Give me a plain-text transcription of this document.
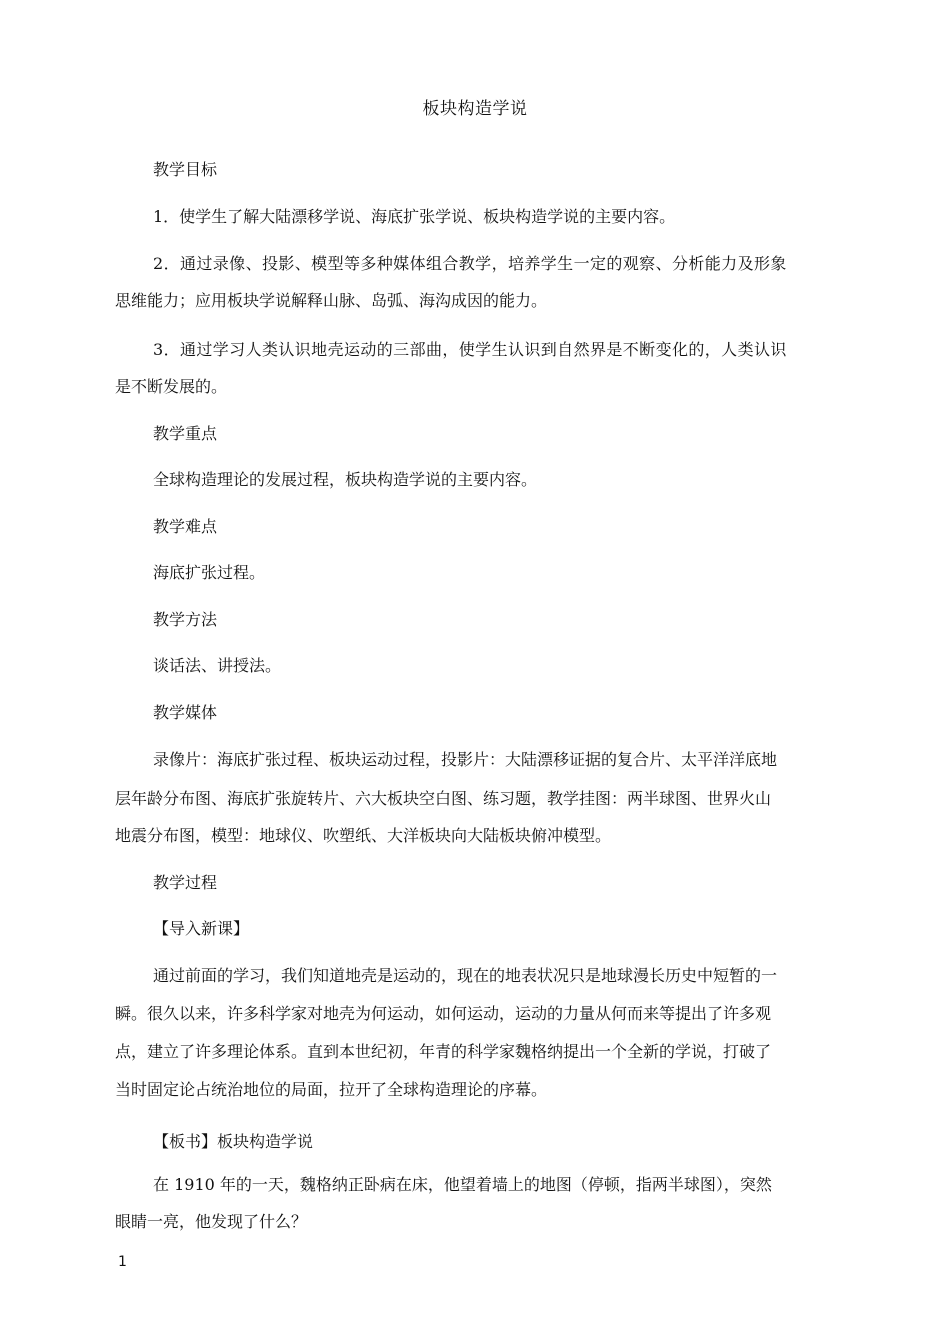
板块构造学说
教学目标
1．使学生了解大陆漂移学说、海底扩张学说、板块构造学说的主要内容。
2．通过录像、投影、模型等多种媒体组合教学，培养学生一定的观察、分析能力及形象
思维能力；应用板块学说解释山脉、岛弧、海沟成因的能力。
3．通过学习人类认识地壳运动的三部曲，使学生认识到自然界是不断变化的，人类认识
是不断发展的。
教学重点
全球构造理论的发展过程，板块构造学说的主要内容。
教学难点
海底扩张过程。
教学方法
谈话法、讲授法。
教学媒体
录像片：海底扩张过程、板块运动过程，投影片：大陆漂移证据的复合片、太平洋洋底地
层年龄分布图、海底扩张旋转片、六大板块空白图、练习题，教学挂图：两半球图、世界火山
地震分布图，模型：地球仪、吹塑纸、大洋板块向大陆板块俯冲模型。
教学过程
【导入新课】
通过前面的学习，我们知道地壳是运动的，现在的地表状况只是地球漫长历史中短暂的一
瞬。很久以来，许多科学家对地壳为何运动，如何运动，运动的力量从何而来等提出了许多观
点，建立了许多理论体系。直到本世纪初，年青的科学家魏格纳提出一个全新的学说，打破了
当时固定论占统治地位的局面，拉开了全球构造理论的序幕。
【板书】板块构造学说
在 1910 年的一天，魏格纳正卧病在床，他望着墙上的地图（停顿，指两半球图），突然
眼睛一亮，他发现了什么？
1
